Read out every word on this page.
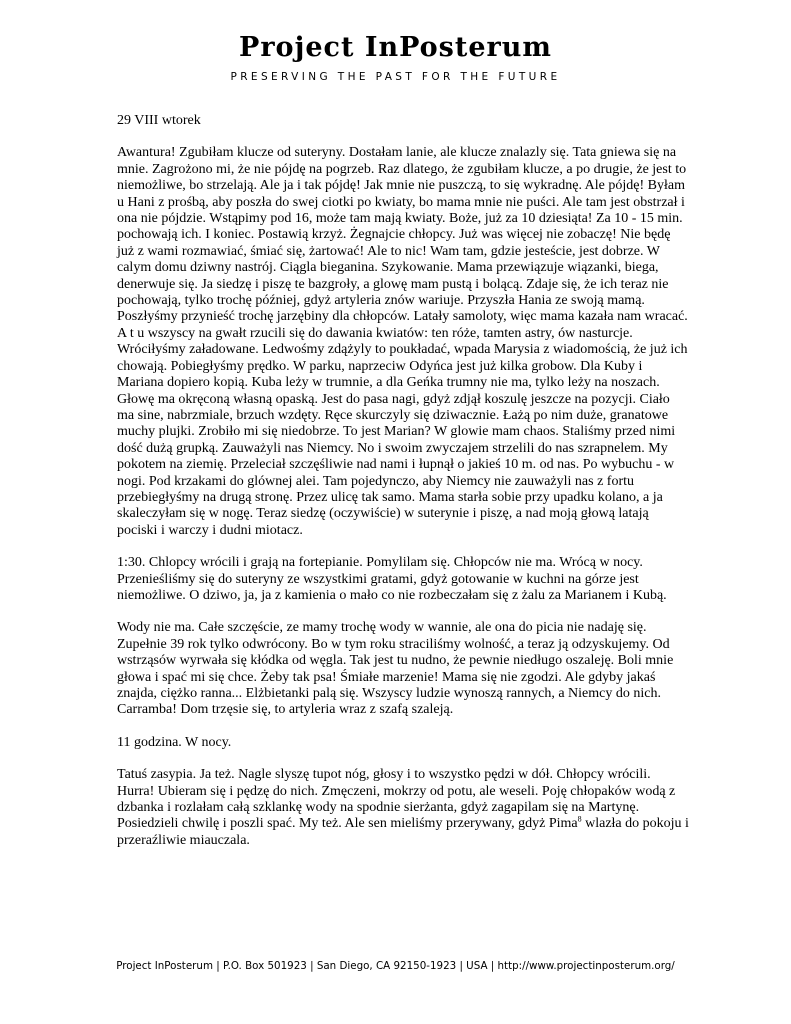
Project InPosterum
PRESERVING THE PAST FOR THE FUTURE

29 VIII wtorek

Awantura! Zgubiłam klucze od suteryny. Dostałam lanie, ale klucze znalazly się. Tata gniewa się na mnie. Zagrożono mi, że nie pójdę na pogrzeb. Raz dlatego, że zgubiłam klucze, a po drugie, że jest to niemożliwe, bo strzelają. Ale ja i tak pójdę! Jak mnie nie puszczą, to się wykradnę. Ale pójdę! Byłam u Hani z prośbą, aby poszła do swej ciotki po kwiaty, bo mama mnie nie puści. Ale tam jest obstrzał i ona nie pójdzie. Wstąpimy pod 16, może tam mają kwiaty. Boże, już za 10 dziesiąta! Za 10 - 15 min. pochowają ich. I koniec. Postawią krzyż. Żegnajcie chłopcy. Już was więcej nie zobaczę! Nie będę już z wami rozmawiać, śmiać się, żartować! Ale to nic! Wam tam, gdzie jesteście, jest dobrze. W calym domu dziwny nastrój. Ciągla bieganina. Szykowanie. Mama przewiązuje wiązanki, biega, denerwuje się. Ja siedzę i piszę te bazgroły, a glowę mam pustą i bolącą. Zdaje się, że ich teraz nie pochowają, tylko trochę później, gdyż artyleria znów wariuje. Przyszła Hania ze swoją mamą. Poszłyśmy przynieść trochę jarzębiny dla chłopców. Latały samoloty, więc mama kazała nam wracać. A t u wszyscy na gwałt rzucili się do dawania kwiatów: ten róże, tamten astry, ów nasturcje. Wróciłyśmy załadowane. Ledwośmy zdążyly to poukładać, wpada Marysia z wiadomością, że już ich chowają. Pobiegłyśmy prędko. W parku, naprzeciw Odyńca jest już kilka grobow. Dla Kuby i Mariana dopiero kopią. Kuba leży w trumnie, a dla Geńka trumny nie ma, tylko leży na noszach. Głowę ma okręconą własną opaską. Jest do pasa nagi, gdyż zdjął koszulę jeszcze na pozycji. Ciało ma sine, nabrzmiale, brzuch wzdęty. Ręce skurczyly się dziwacznie. Łażą po nim duże, granatowe muchy plujki. Zrobiło mi się niedobrze. To jest Marian? W glowie mam chaos. Staliśmy przed nimi dość dużą grupką. Zauważyli nas Niemcy. No i swoim zwyczajem strzelili do nas szrapnelem. My pokotem na ziemię. Przeleciał szczęśliwie nad nami i łupnął o jakieś 10 m. od nas. Po wybuchu - w nogi. Pod krzakami do glównej alei. Tam pojedynczo, aby Niemcy nie zauważyli nas z fortu przebiegłyśmy na drugą stronę. Przez ulicę tak samo. Mama starła sobie przy upadku kolano, a ja skaleczyłam się w nogę. Teraz siedzę (oczywiście) w suterynie i piszę, a nad moją głową latają pociski i warczy i dudni miotacz.

1:30. Chlopcy wrócili i grają na fortepianie. Pomylilam się. Chłopców nie ma. Wrócą w nocy. Przenieśliśmy się do suteryny ze wszystkimi gratami, gdyż gotowanie w kuchni na górze jest niemożliwe. O dziwo, ja, ja z kamienia o mało co nie rozbeczałam się z żalu za Marianem i Kubą.

Wody nie ma. Całe szczęście, ze mamy trochę wody w wannie, ale ona do picia nie nadaję się. Zupełnie 39 rok tylko odwrócony. Bo w tym roku straciliśmy wolność, a teraz ją odzyskujemy. Od wstrząsów wyrwała się kłódka od węgla. Tak jest tu nudno, że pewnie niedługo oszaleję. Boli mnie głowa i spać mi się chce. Żeby tak psa! Śmiałe marzenie! Mama się nie zgodzi. Ale gdyby jakaś znajda, ciężko ranna... Elżbietanki palą się. Wszyscy ludzie wynoszą rannych, a Niemcy do nich. Carramba! Dom trzęsie się, to artyleria wraz z szafą szaleją.

11 godzina. W nocy.

Tatuś zasypia. Ja też. Nagle slyszę tupot nóg, głosy i to wszystko pędzi w dół. Chłopcy wrócili. Hurra! Ubieram się i pędzę do nich. Zmęczeni, mokrzy od potu, ale weseli. Poję chłopaków wodą z dzbanka i rozlałam całą szklankę wody na spodnie sierżanta, gdyż zagapilam się na Martynę. Posiedzieli chwilę i poszli spać. My też. Ale sen mieliśmy przerywany, gdyż Pima$^8$ wlazła do pokoju i przeraźliwie miauczala.

Project InPosterum | P.O. Box 501923 | San Diego, CA 92150-1923 | USA | http://www.projectinposterum.org/
